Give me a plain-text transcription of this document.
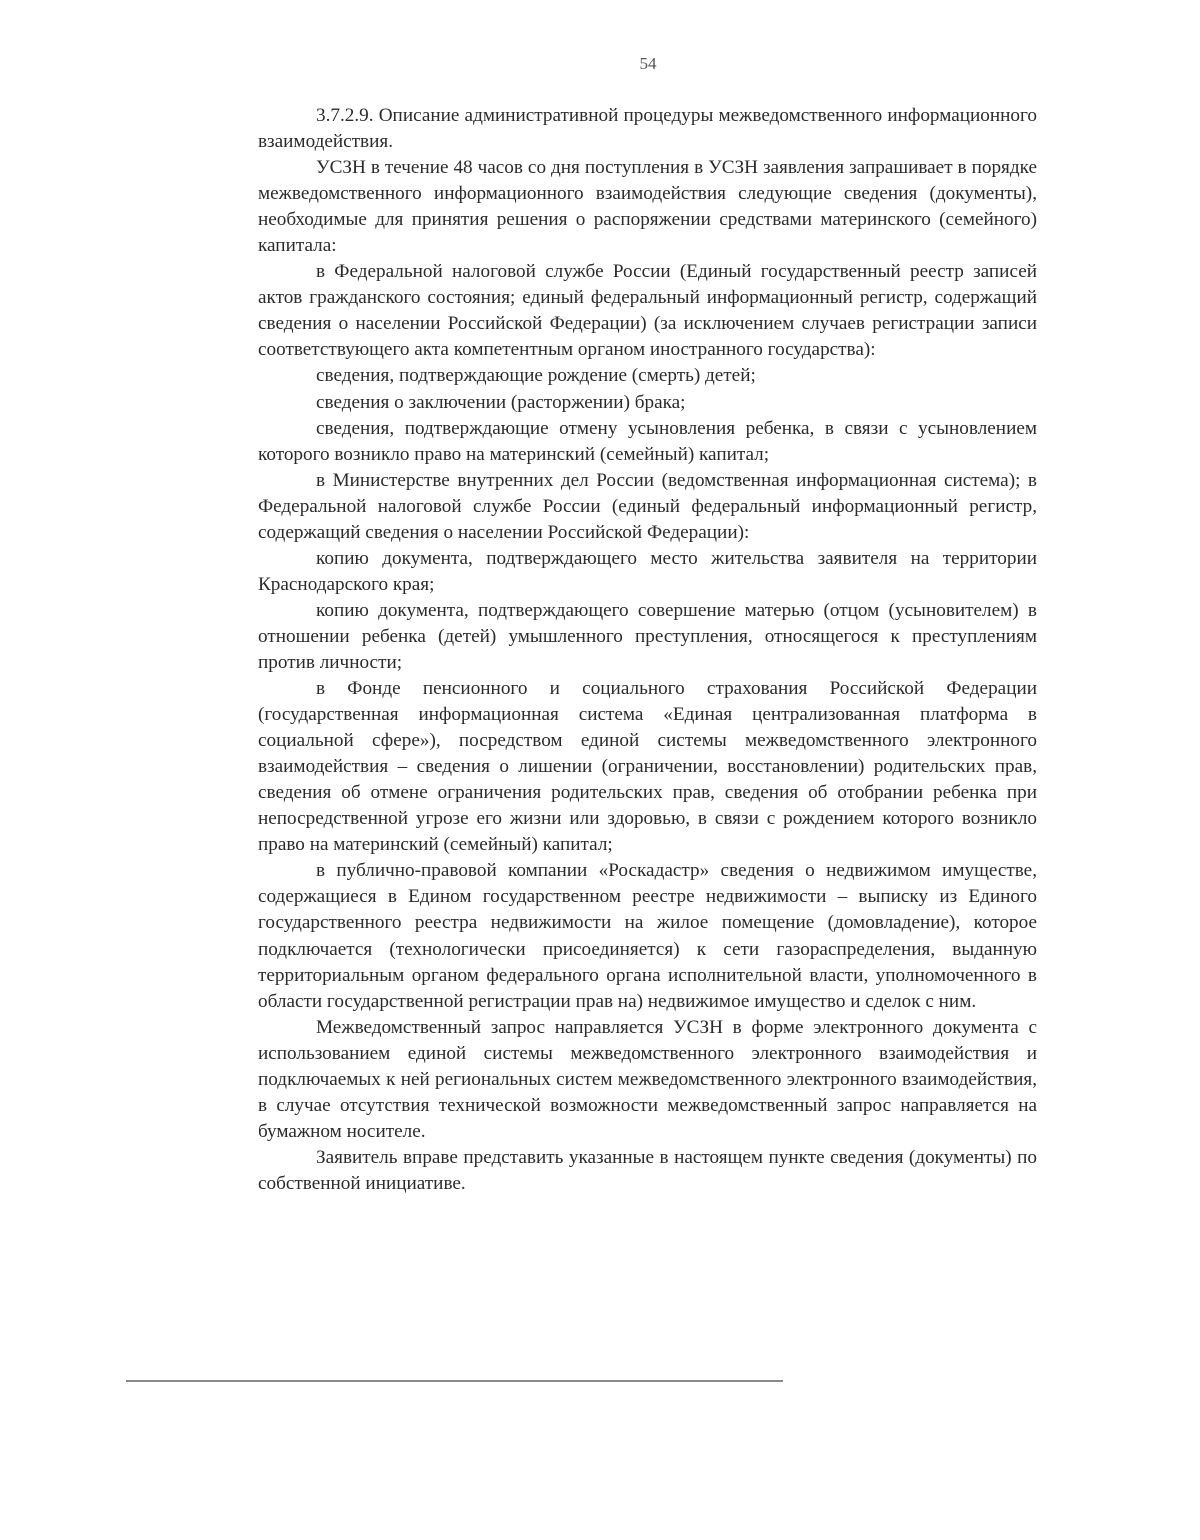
54

3.7.2.9. Описание административной процедуры межведомственного информационного взаимодействия.

УСЗН в течение 48 часов со дня поступления в УСЗН заявления запрашивает в порядке межведомственного информационного взаимодействия следующие сведения (документы), необходимые для принятия решения о распоряжении средствами материнского (семейного) капитала:

в Федеральной налоговой службе России (Единый государственный реестр записей актов гражданского состояния; единый федеральный информационный регистр, содержащий сведения о населении Российской Федерации) (за исключением случаев регистрации записи соответствующего акта компетентным органом иностранного государства):

сведения, подтверждающие рождение (смерть) детей;

сведения о заключении (расторжении) брака;

сведения, подтверждающие отмену усыновления ребенка, в связи с усыновлением которого возникло право на материнский (семейный) капитал;

в Министерстве внутренних дел России (ведомственная информационная система); в Федеральной налоговой службе России (единый федеральный информационный регистр, содержащий сведения о населении Российской Федерации):

копию документа, подтверждающего место жительства заявителя на территории Краснодарского края;

копию документа, подтверждающего совершение матерью (отцом (усыновителем) в отношении ребенка (детей) умышленного преступления, относящегося к преступлениям против личности;

в Фонде пенсионного и социального страхования Российской Федерации (государственная информационная система «Единая централизованная платформа в социальной сфере»), посредством единой системы межведомственного электронного взаимодействия – сведения о лишении (ограничении, восстановлении) родительских прав, сведения об отмене ограничения родительских прав, сведения об отобрании ребенка при непосредственной угрозе его жизни или здоровью, в связи с рождением которого возникло право на материнский (семейный) капитал;

в публично-правовой компании «Роскадастр» сведения о недвижимом имуществе, содержащиеся в Едином государственном реестре недвижимости – выписку из Единого государственного реестра недвижимости на жилое помещение (домовладение), которое подключается (технологически присоединяется) к сети газораспределения, выданную территориальным органом федерального органа исполнительной власти, уполномоченного в области государственной регистрации прав на) недвижимое имущество и сделок с ним.

Межведомственный запрос направляется УСЗН в форме электронного документа с использованием единой системы межведомственного электронного взаимодействия и подключаемых к ней региональных систем межведомственного электронного взаимодействия, в случае отсутствия технической возможности межведомственный запрос направляется на бумажном носителе.

Заявитель вправе представить указанные в настоящем пункте сведения (документы) по собственной инициативе.
